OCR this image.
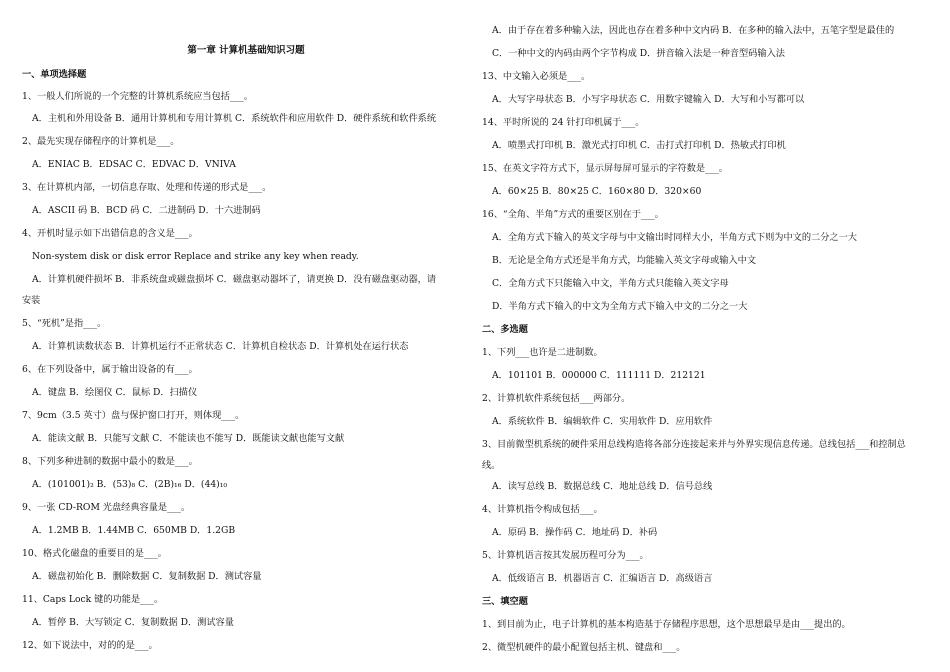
第一章 计算机基础知识习题
一、单项选择题
1、一般人们所说的一个完整的计算机系统应当包括___。
A．主机和外用设备 B．通用计算机和专用计算机 C．系统软件和应用软件 D．硬件系统和软件系统
2、最先实现存储程序的计算机是___。
A．ENIAC B．EDSAC C．EDVAC D．VNIVA
3、在计算机内部，一切信息存取、处理和传递的形式是___。
A．ASCII 码 B．BCD 码 C．二进制码 D．十六进制码
4、开机时显示如下出错信息的含义是___。
Non-system disk or disk error Replace and strike any key when ready.
A．计算机硬件损坏 B．非系统盘或磁盘损坏 C．磁盘驱动器坏了，请更换 D．没有磁盘驱动器，请
安装
5、“死机”是指___。
A．计算机读数状态 B．计算机运行不正常状态 C．计算机自检状态 D．计算机处在运行状态
6、在下列设备中，属于输出设备的有___。
A．键盘 B．绘图仪 C．鼠标 D．扫描仪
7、9cm（3.5 英寸）盘与保护窗口打开，则体现___。
A．能读文献 B．只能写文献 C．不能读也不能写 D．既能读文献也能写文献
8、下列多种进制的数据中最小的数是___。
A．(101001)₂ B．(53)₈ C．(2B)₁₆ D．(44)₁₀
9、一张 CD-ROM 光盘经典容量是___。
A．1.2MB B．1.44MB C．650MB D．1.2GB
10、格式化磁盘的重要目的是___。
A．磁盘初始化 B．删除数据 C．复制数据 D．测试容量
11、Caps Lock 键的功能是___。
A．暂停 B．大写锁定 C．复制数据 D．测试容量
12、如下说法中，对的的是___。
A．由于存在着多种输入法，因此也存在着多种中文内码 B．在多种的输入法中，五笔字型是最佳的
C．一种中文的内码由两个字节构成 D．拼音输入法是一种音型码输入法
13、中文输入必须是___。
A．大写字母状态 B．小写字母状态 C．用数字键输入 D．大写和小写都可以
14、平时所说的 24 针打印机属于___。
A．喷墨式打印机 B．激光式打印机 C．击打式打印机 D．热敏式打印机
15、在英文字符方式下，显示屏每屏可显示的字符数是___。
A．60×25 B．80×25 C．160×80 D．320×60
16、“全角、半角”方式的重要区别在于___。
A．全角方式下输入的英文字母与中文输出时同样大小，半角方式下则为中文的二分之一大
B．无论是全角方式还是半角方式，均能输入英文字母或输入中文
C．全角方式下只能输入中文，半角方式只能输入英文字母
D．半角方式下输入的中文为全角方式下输入中文的二分之一大
二、多选题
1、下列___也许是二进制数。
A．101101 B．000000 C．111111 D．212121
2、计算机软件系统包括___两部分。
A．系统软件 B．编辑软件 C．实用软件 D．应用软件
3、目前微型机系统的硬件采用总线构造将各部分连接起来并与外界实现信息传递。总线包括___和控制总
线。
A．读写总线 B．数据总线 C．地址总线 D．信号总线
4、计算机指令构成包括___。
A．原码 B．操作码 C．地址码 D．补码
5、计算机语言按其发展历程可分为___。
A．低级语言 B．机器语言 C．汇编语言 D．高级语言
三、填空题
1、到目前为止，电子计算机的基本构造基于存储程序思想，这个思想最早是由___提出的。
2、微型机硬件的最小配置包括主机、键盘和___。
